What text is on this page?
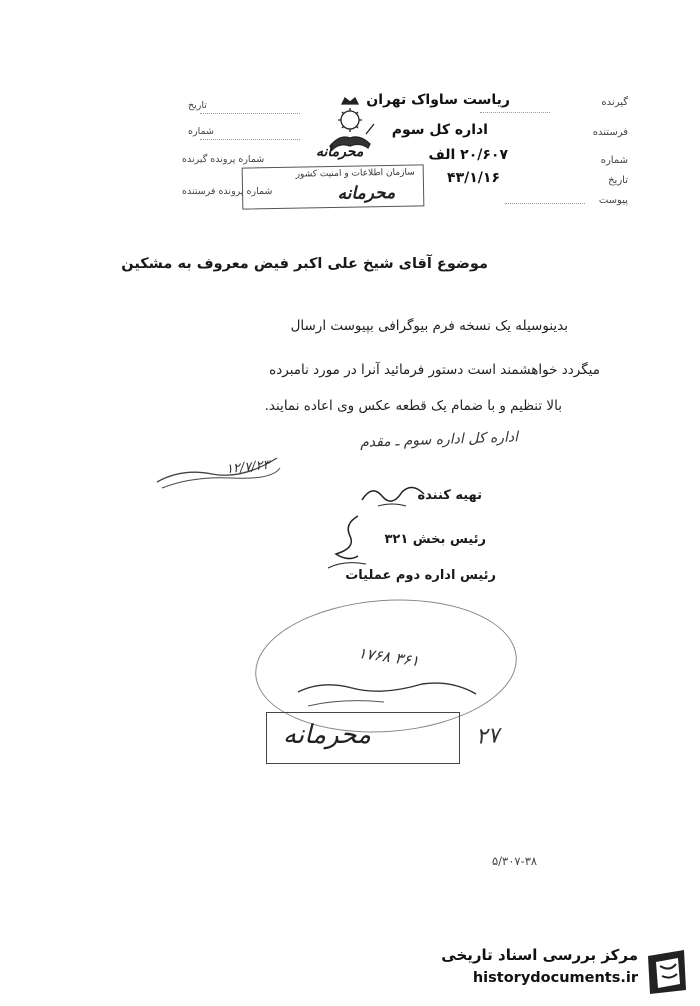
گیرنده
ریاست ساواک تهران
فرستنده
اداره کل سوم
شماره
۲۰/۶۰۷ الف
تاریخ
۴۳/۱/۱۶
پیوست
تاریخ
شماره
شماره پرونده گیرنده
شماره پرونده فرستنده
محرمانه
سازمان اطلاعات و امنیت کشور
محرمانه
موضوع آقای شیخ علی اکبر فیض معروف به مشکین
بدینوسیله یک نسخه فرم بیوگرافی بپیوست ارسال
میگردد خواهشمند است دستور فرمائید آنرا در مورد نامبرده
بالا تنظیم و با ضمام یک قطعه عکس وی اعاده نمایند.
اداره کل اداره سوم ـ مقدم
۱۲/۷/۲۳
تهیه کننده
رئیس بخش ۳۲۱
رئیس اداره دوم عملیات
۳۶۱ ۱۷۶۸
محرمانه	۲۷
۵/۳۰۷-۳۸
مرکز بررسی اسناد تاریخی
historydocuments.ir
